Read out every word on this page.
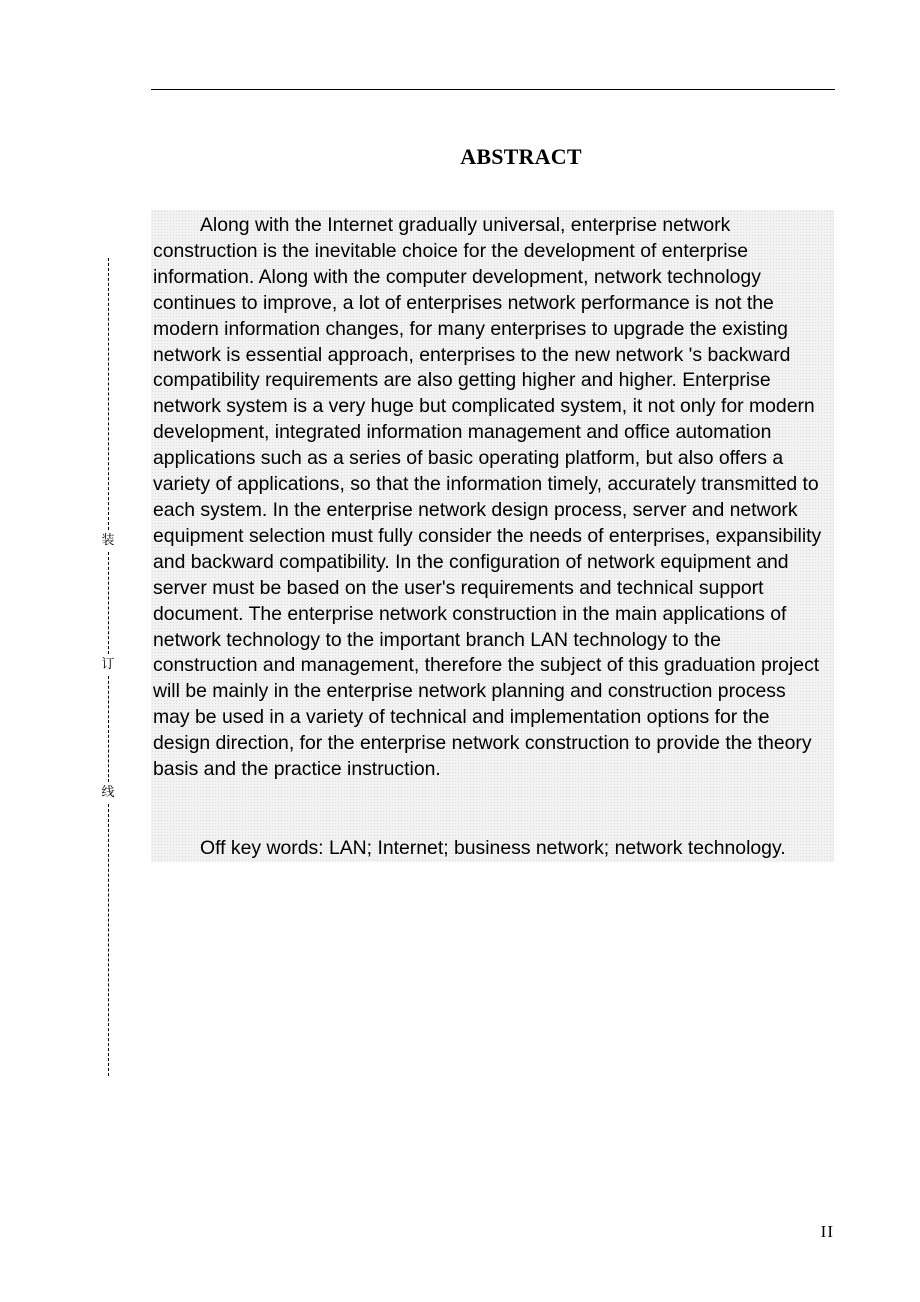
ABSTRACT

Along with the Internet gradually universal, enterprise network construction is the inevitable choice for the development of enterprise information. Along with the computer development, network technology continues to improve, a lot of enterprises network performance is not the modern information changes, for many enterprises to upgrade the existing network is essential approach, enterprises to the new network 's backward compatibility requirements are also getting higher and higher. Enterprise network system is a very huge but complicated system, it not only for modern development, integrated information management and office automation applications such as a series of basic operating platform, but also offers a variety of applications, so that the information timely, accurately transmitted to each system. In the enterprise network design process, server and network equipment selection must fully consider the needs of enterprises, expansibility and backward compatibility. In the configuration of network equipment and server must be based on the user's requirements and technical support document. The enterprise network construction in the main applications of network technology to the important branch LAN technology to the construction and management, therefore the subject of this graduation project will be mainly in the enterprise network planning and construction process may be used in a variety of technical and implementation options for the design direction, for the enterprise network construction to provide the theory basis and the practice instruction.

Off key words: LAN; Internet; business network; network technology.

装
订
线
II
